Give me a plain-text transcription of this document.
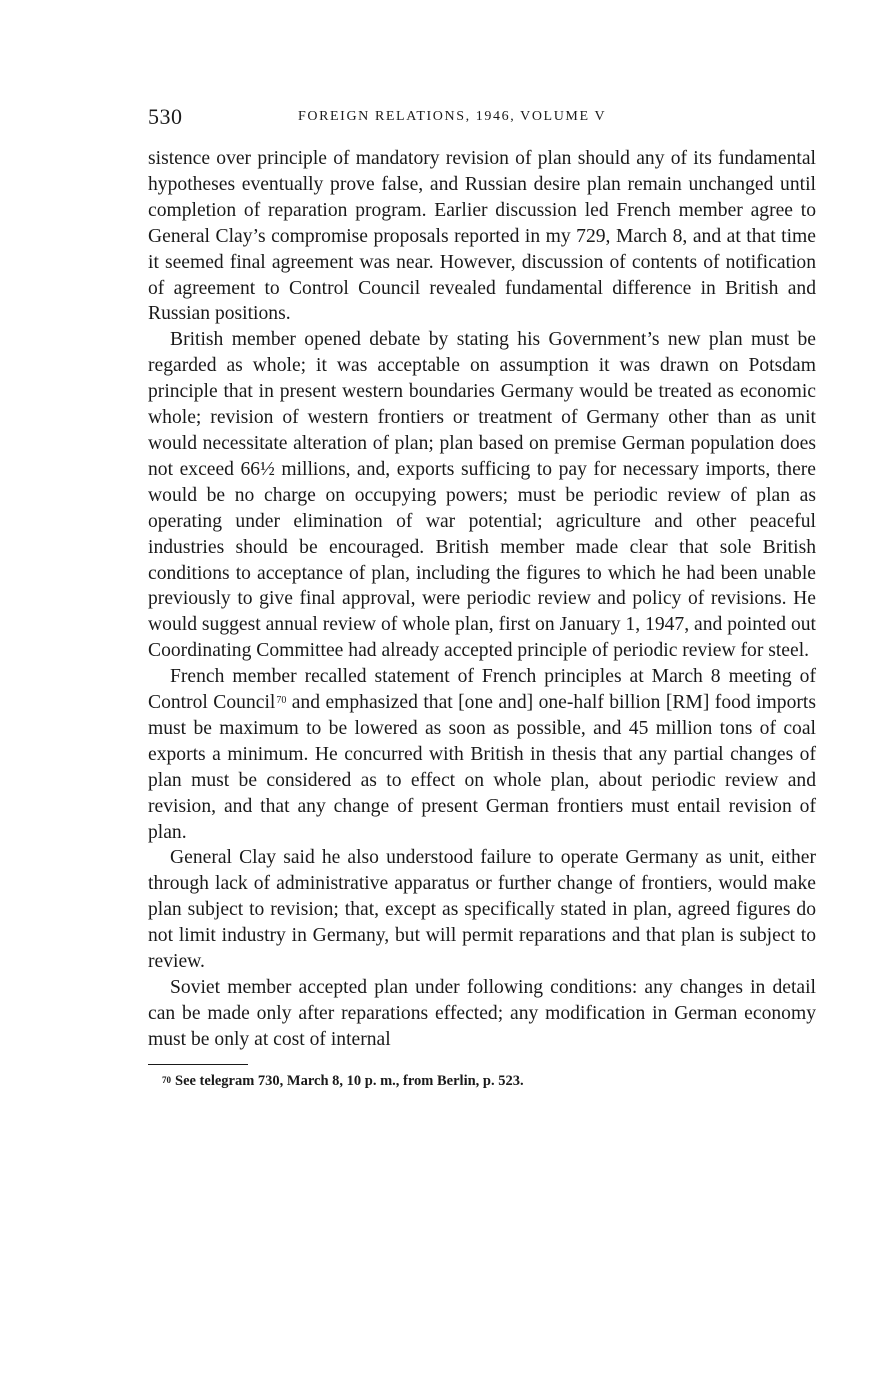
530	FOREIGN RELATIONS, 1946, VOLUME V

sistence over principle of mandatory revision of plan should any of its fundamental hypotheses eventually prove false, and Russian desire plan remain unchanged until completion of reparation program. Earlier discussion led French member agree to General Clay’s compromise proposals reported in my 729, March 8, and at that time it seemed final agreement was near. However, discussion of contents of notification of agreement to Control Council revealed fundamental difference in British and Russian positions.

British member opened debate by stating his Government’s new plan must be regarded as whole; it was acceptable on assumption it was drawn on Potsdam principle that in present western boundaries Germany would be treated as economic whole; revision of western frontiers or treatment of Germany other than as unit would necessitate alteration of plan; plan based on premise German population does not exceed 66½ millions, and, exports sufficing to pay for necessary imports, there would be no charge on occupying powers; must be periodic review of plan as operating under elimination of war potential; agriculture and other peaceful industries should be encouraged. British member made clear that sole British conditions to acceptance of plan, including the figures to which he had been unable previously to give final approval, were periodic review and policy of revisions. He would suggest annual review of whole plan, first on January 1, 1947, and pointed out Coordinating Committee had already accepted principle of periodic review for steel.

French member recalled statement of French principles at March 8 meeting of Control Council$^{70}$ and emphasized that [one and] one-half billion [RM] food imports must be maximum to be lowered as soon as possible, and 45 million tons of coal exports a minimum. He concurred with British in thesis that any partial changes of plan must be considered as to effect on whole plan, about periodic review and revision, and that any change of present German frontiers must entail revision of plan.

General Clay said he also understood failure to operate Germany as unit, either through lack of administrative apparatus or further change of frontiers, would make plan subject to revision; that, except as specifically stated in plan, agreed figures do not limit industry in Germany, but will permit reparations and that plan is subject to review.

Soviet member accepted plan under following conditions: any changes in detail can be made only after reparations effected; any modification in German economy must be only at cost of internal

$^{70}$ See telegram 730, March 8, 10 p. m., from Berlin, p. 523.
